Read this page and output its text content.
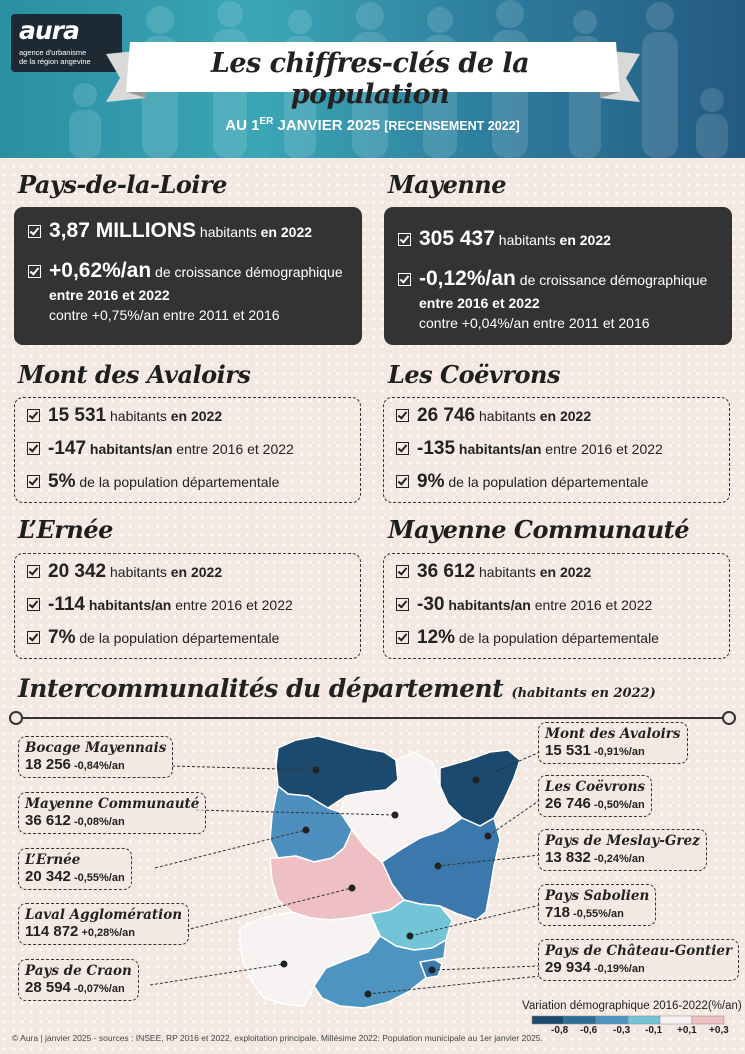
aura
agence d'urbanisme
de la région angevine	Les chiffres-clés de la population
AU 1ER JANVIER 2025 [RECENSEMENT 2022]
Pays-de-la-Loire
3,87 MILLIONS habitants en 2022
+0,62%/an de croissance démographique
entre 2016 et 2022
contre +0,75%/an entre 2011 et 2016
Mayenne
305 437 habitants en 2022
-0,12%/an de croissance démographique
entre 2016 et 2022
contre +0,04%/an entre 2011 et 2016
Mont des Avaloirs
15 531 habitants en 2022
-147 habitants/an entre 2016 et 2022
5% de la population départementale
Les Coëvrons
26 746 habitants en 2022
-135 habitants/an entre 2016 et 2022
9% de la population départementale
L’Ernée
20 342 habitants en 2022
-114 habitants/an entre 2016 et 2022
7% de la population départementale
Mayenne Communauté
36 612 habitants en 2022
-30 habitants/an entre 2016 et 2022
12% de la population départementale
Intercommunalités du département (habitants en 2022)
Bocage Mayennais
18 256 -0,84%/an
Mayenne Communauté
36 612 -0,08%/an
L’Ernée
20 342 -0,55%/an
Laval Agglomération
114 872 +0,28%/an
Pays de Craon
28 594 -0,07%/an
Mont des Avaloirs
15 531 -0,91%/an
Les Coëvrons
26 746 -0,50%/an
Pays de Meslay-Grez
13 832 -0,24%/an
Pays Sabolien
718 -0,55%/an
Pays de Château-Gontier
29 934 -0,19%/an
Variation démographique 2016-2022(%/an)
-0,8 -0,6 -0,3 -0,1 +0,1 +0,3
© Aura | janvier 2025 - sources : INSEE, RP 2016 et 2022, exploitation principale. Millésime 2022: Population municipale au 1er janvier 2025.
